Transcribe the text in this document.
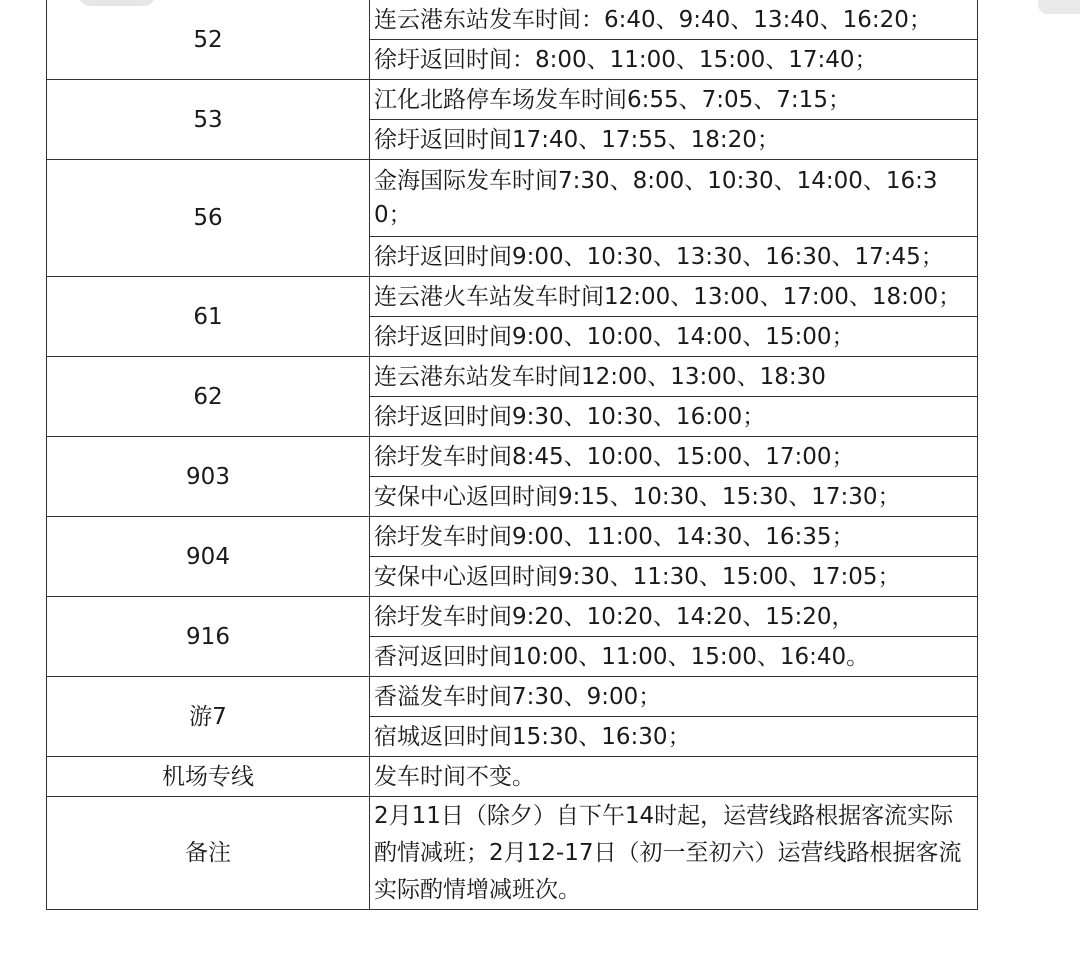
52	连云港东站发车时间：6:40、9:40、13:40、16:20；
	徐圩返回时间：8:00、11:00、15:00、17:40；
53	江化北路停车场发车时间6:55、7:05、7:15；
	徐圩返回时间17:40、17:55、18:20；
56	金海国际发车时间7:30、8:00、10:30、14:00、16:30；
	徐圩返回时间9:00、10:30、13:30、16:30、17:45；
61	连云港火车站发车时间12:00、13:00、17:00、18:00；
	徐圩返回时间9:00、10:00、14:00、15:00；
62	连云港东站发车时间12:00、13:00、18:30
	徐圩返回时间9:30、10:30、16:00；
903	徐圩发车时间8:45、10:00、15:00、17:00；
	安保中心返回时间9:15、10:30、15:30、17:30；
904	徐圩发车时间9:00、11:00、14:30、16:35；
	安保中心返回时间9:30、11:30、15:00、17:05；
916	徐圩发车时间9:20、10:20、14:20、15:20，
	香河返回时间10:00、11:00、15:00、16:40。
游7	香溢发车时间7:30、9:00；
	宿城返回时间15:30、16:30；
机场专线	发车时间不变。
备注	2月11日（除夕）自下午14时起，运营线路根据客流实际酌情减班；2月12-17日（初一至初六）运营线路根据客流实际酌情增减班次。
